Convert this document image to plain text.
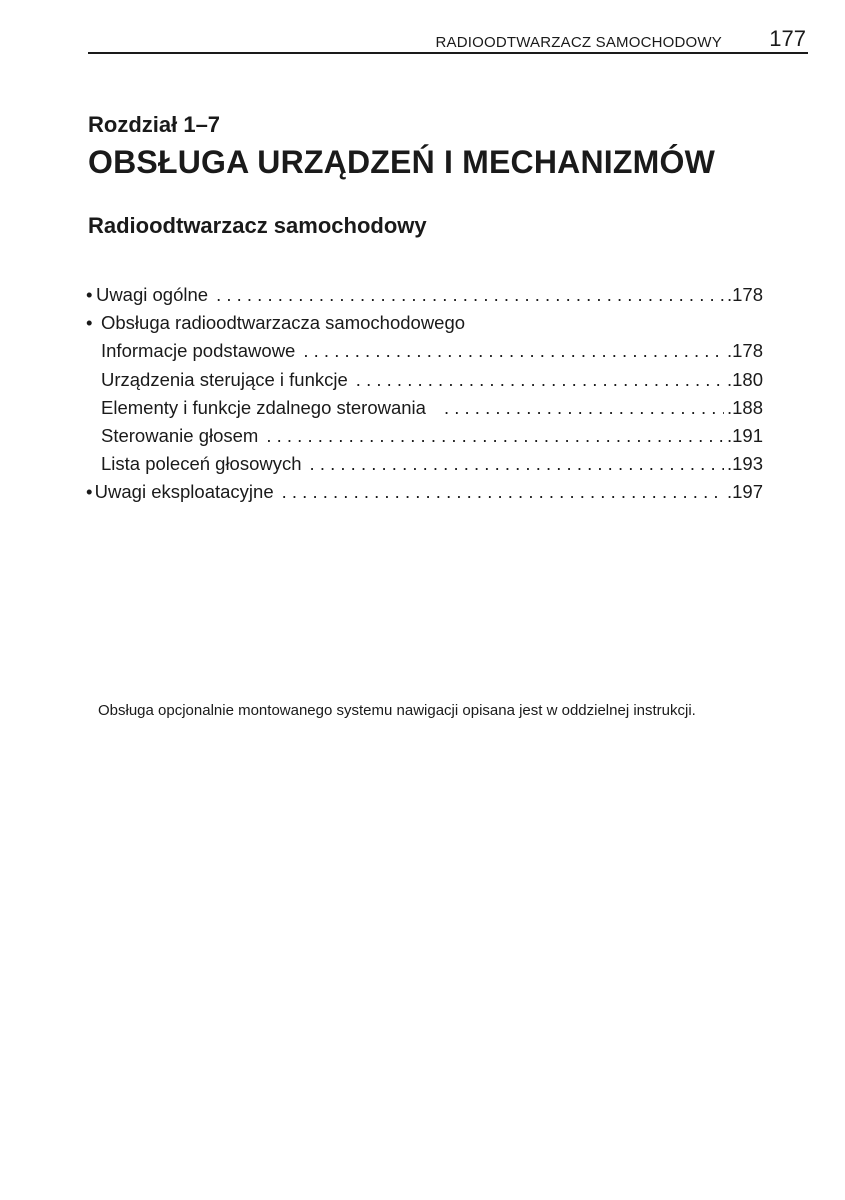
RADIOODTWARZACZ SAMOCHODOWY 177
Rozdział 1–7
OBSŁUGA URZĄDZEŃ I MECHANIZMÓW
Radioodtwarzacz samochodowy
• Uwagi ogólne . . .	.178
• Obsługa radioodtwarzacza samochodowego
Informacje podstawowe . . .	.178
Urządzenia sterujące i funkcje . . .	.180
Elementy i funkcje zdalnego sterowania . . .	.188
Sterowanie głosem . . .	.191
Lista poleceń głosowych . . .	.193
• Uwagi eksploatacyjne . . .	.197
Obsługa opcjonalnie montowanego systemu nawigacji opisana jest w oddzielnej instrukcji.
